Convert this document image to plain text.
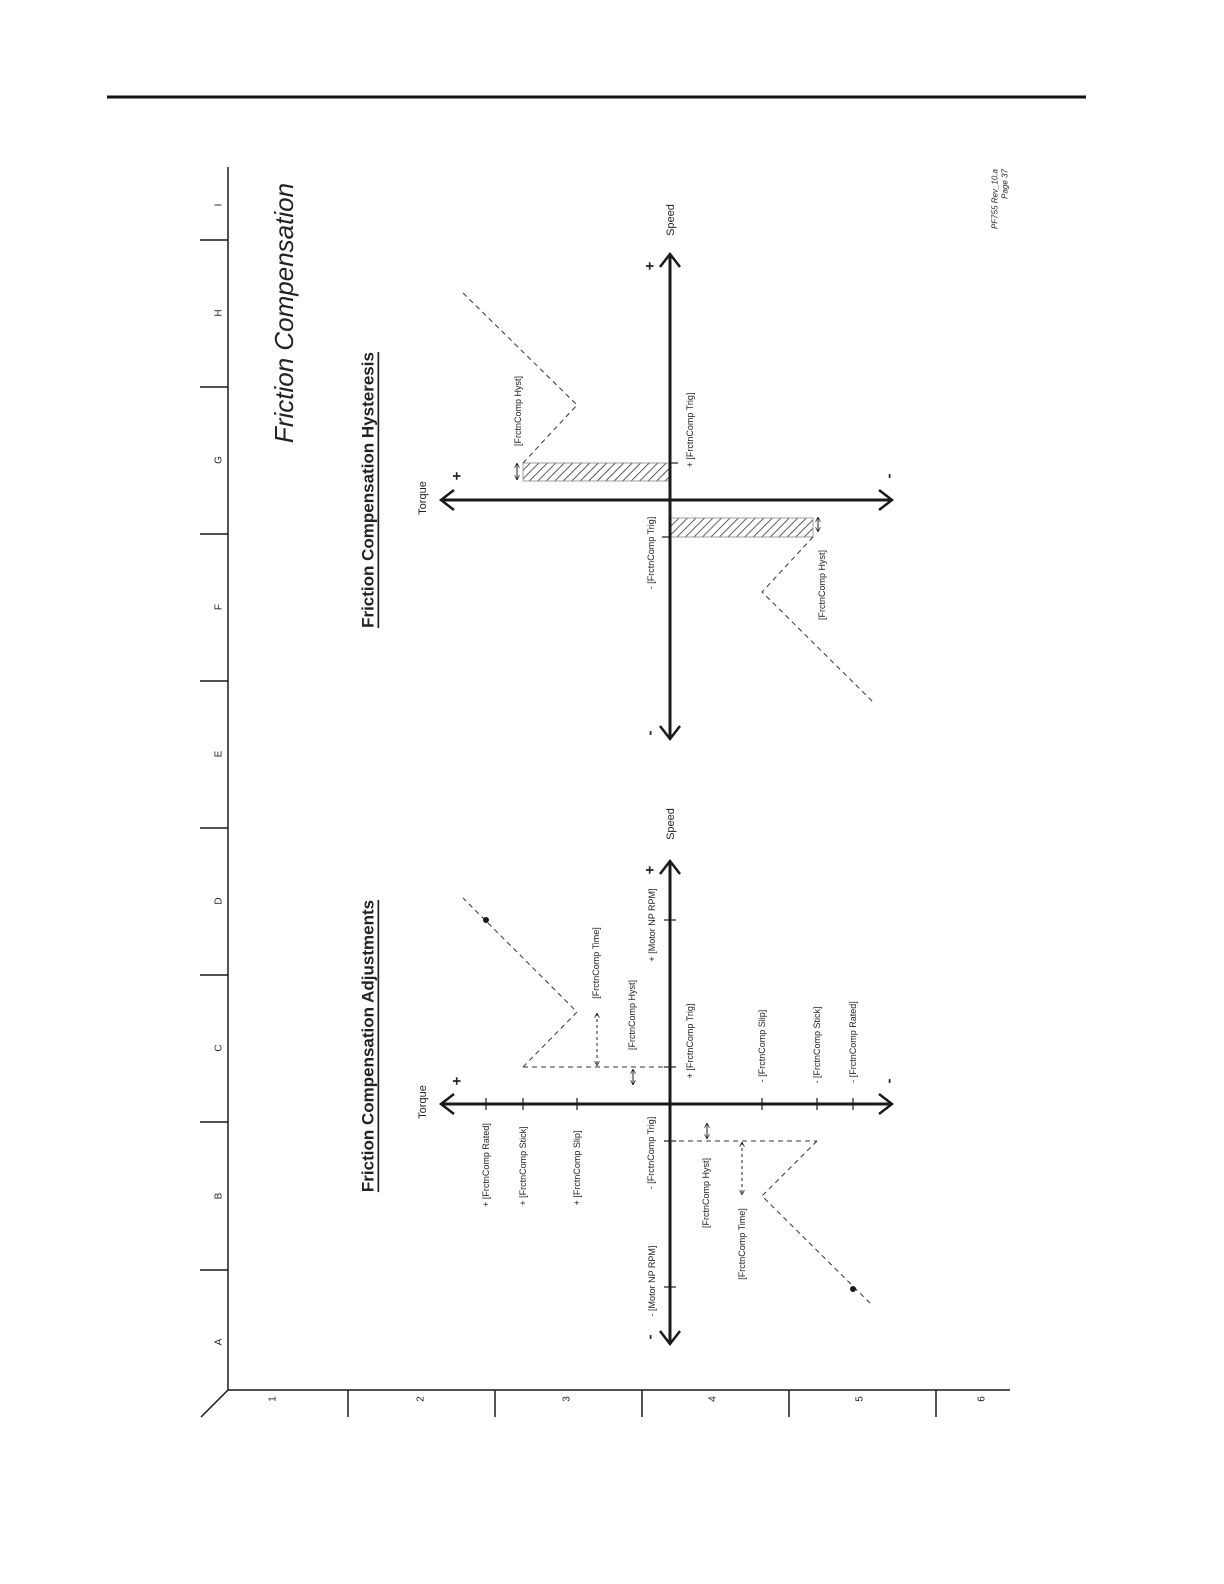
A
B
C
D
E
F
G
H
I
1	2	3	4	5	6
Friction Compensation	PF755 Rev_10.a Page 37
Friction Compensation Hysteresis	Torque
+	-
Speed
+
-
+ [FrctnComp Trig]
- [FrctnComp Trig]
[FrctnComp Hyst]
[FrctnComp Hyst]
Friction Compensation Adjustments	Torque
+	-
Speed
+
-
+ [FrctnComp Rated]	+ [FrctnComp Stick]	+ [FrctnComp Slip]
- [FrctnComp Slip]	- [FrctnComp Stick]	- [FrctnComp Rated]
+ [Motor NP RPM]
+ [FrctnComp Trig]
- [FrctnComp Trig]
- [Motor NP RPM]
[FrctnComp Time]
[FrctnComp Hyst]
[FrctnComp Hyst]
[FrctnComp Time]
